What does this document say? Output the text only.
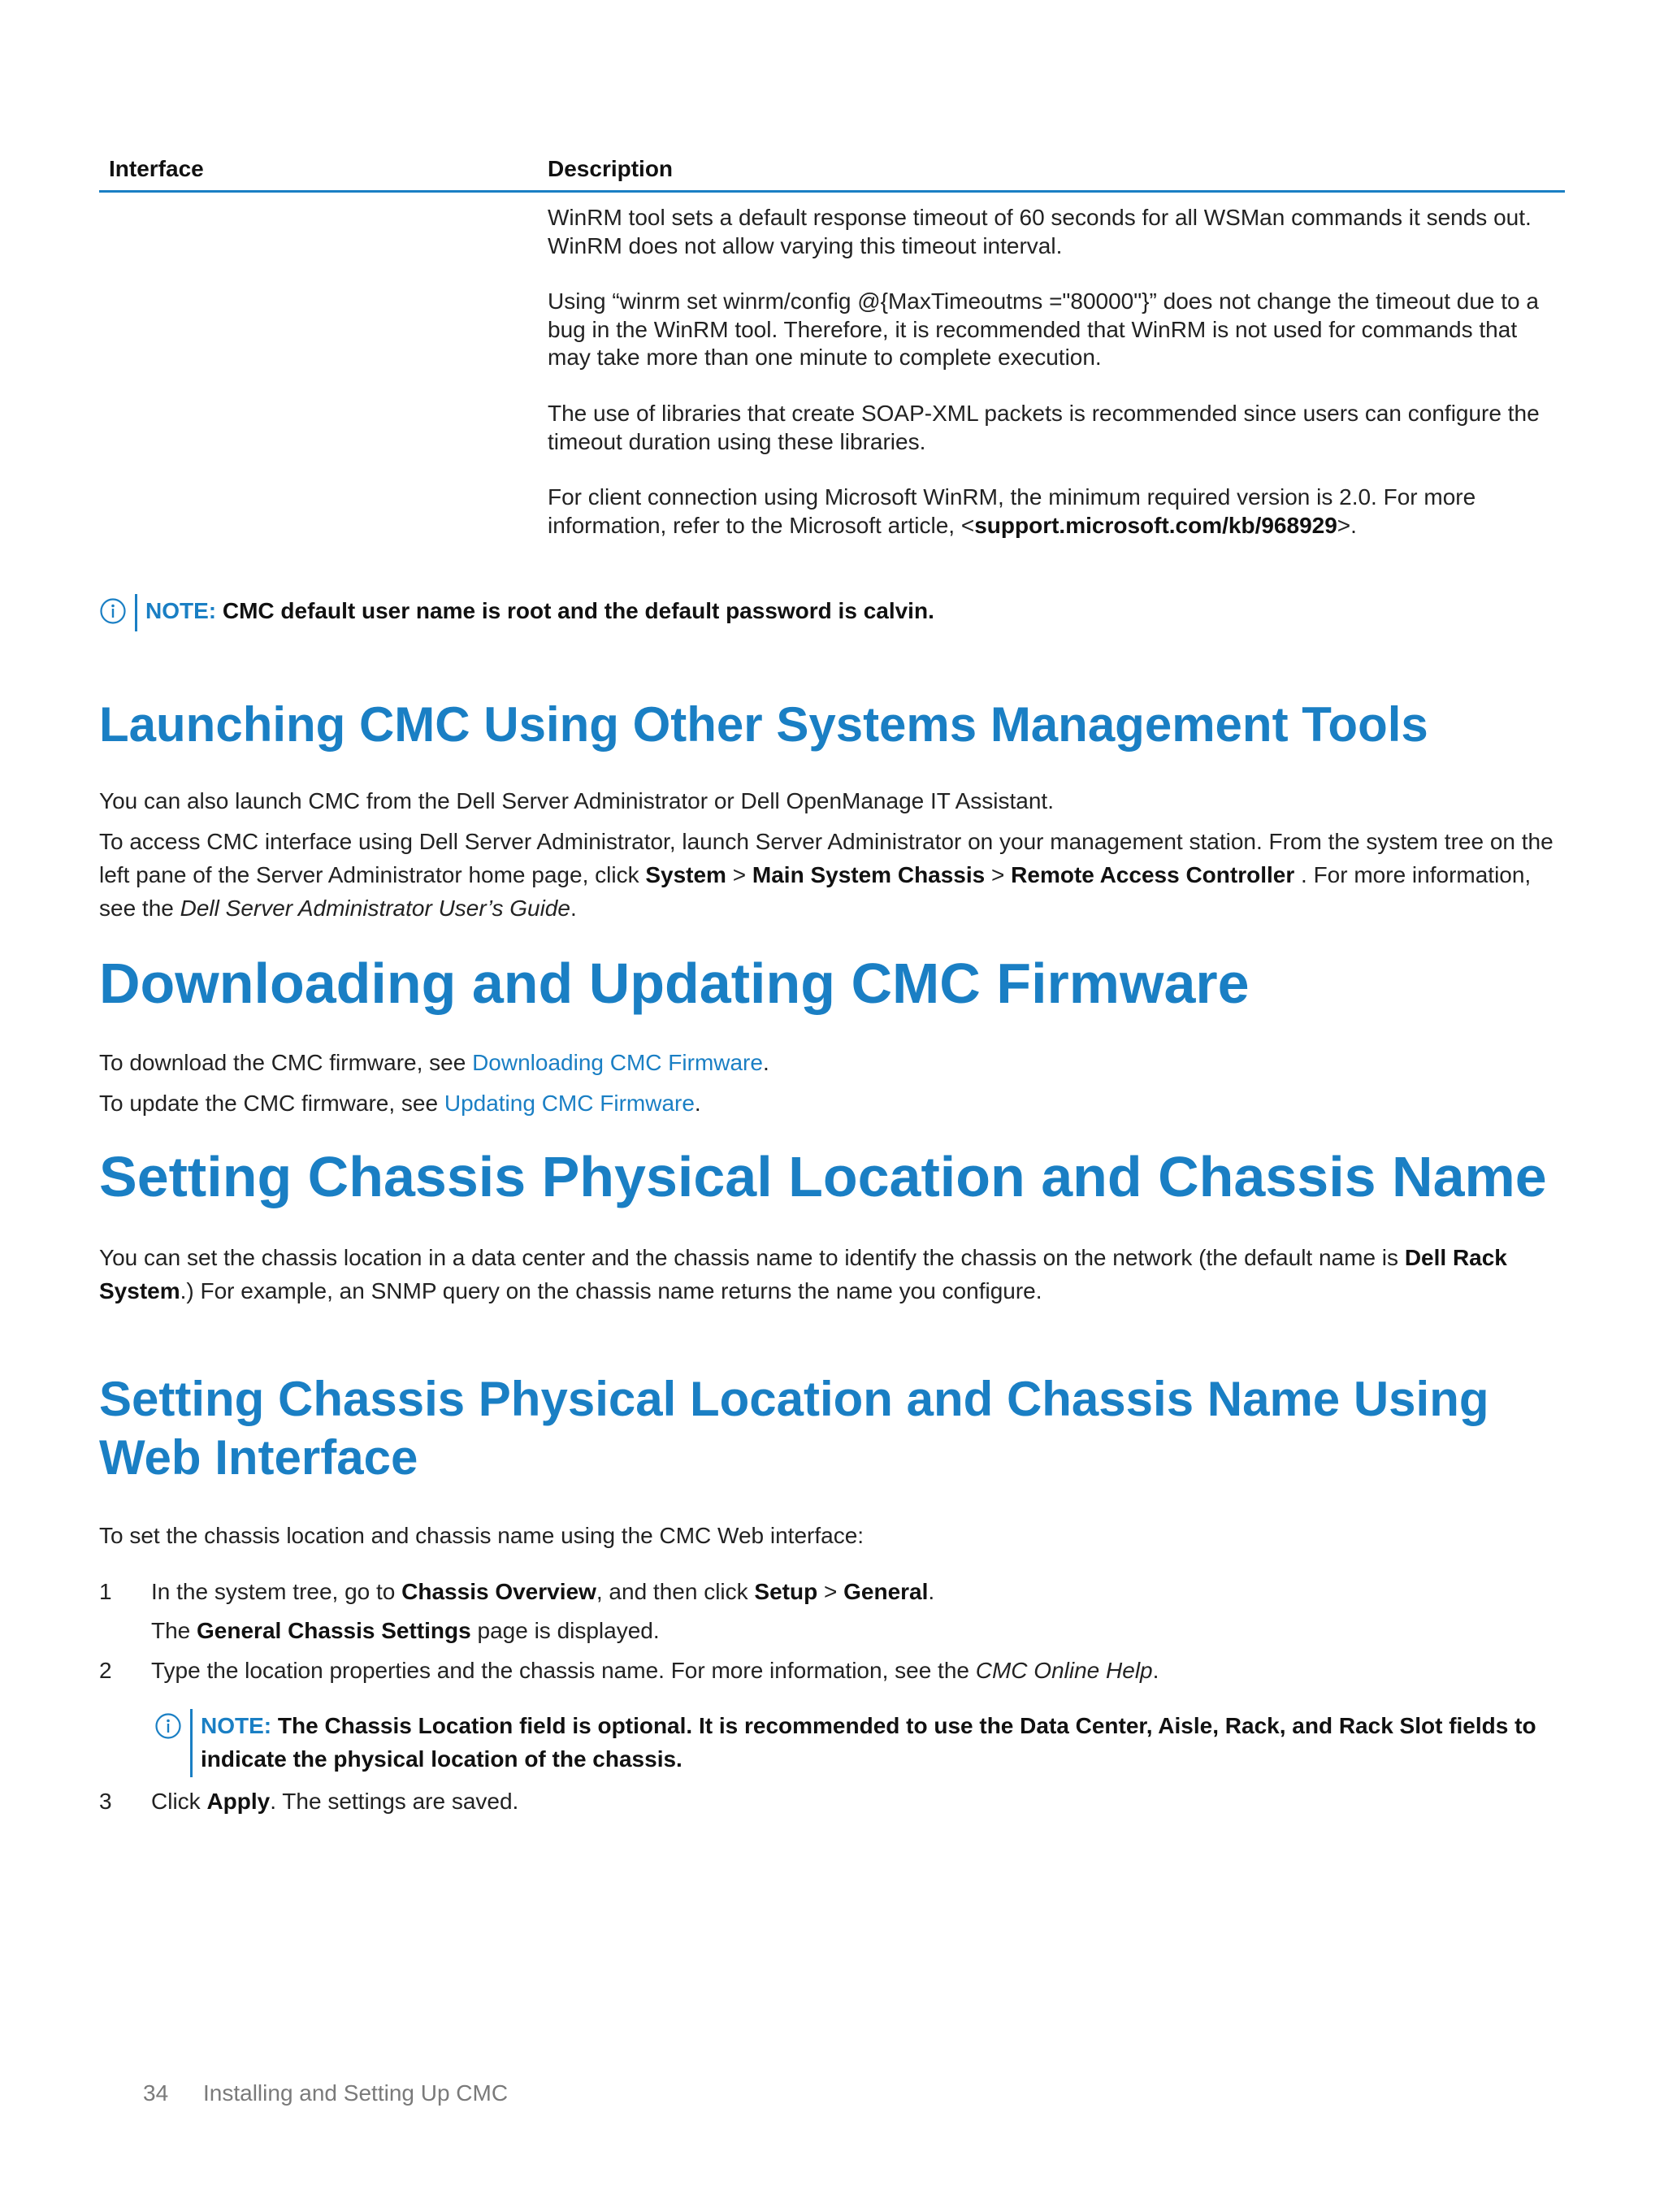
Interface	Description
WinRM tool sets a default response timeout of 60 seconds for all WSMan commands it sends out. WinRM does not allow varying this timeout interval.
Using “winrm set winrm/config @{MaxTimeoutms ="80000"}” does not change the timeout due to a bug in the WinRM tool. Therefore, it is recommended that WinRM is not used for commands that may take more than one minute to complete execution.
The use of libraries that create SOAP-XML packets is recommended since users can configure the timeout duration using these libraries.
For client connection using Microsoft WinRM, the minimum required version is 2.0. For more information, refer to the Microsoft article, <support.microsoft.com/kb/968929>.
NOTE: CMC default user name is root and the default password is calvin.
Launching CMC Using Other Systems Management Tools
You can also launch CMC from the Dell Server Administrator or Dell OpenManage IT Assistant.
To access CMC interface using Dell Server Administrator, launch Server Administrator on your management station. From the system tree on the left pane of the Server Administrator home page, click System > Main System Chassis > Remote Access Controller . For more information, see the Dell Server Administrator User’s Guide.
Downloading and Updating CMC Firmware
To download the CMC firmware, see Downloading CMC Firmware.
To update the CMC firmware, see Updating CMC Firmware.
Setting Chassis Physical Location and Chassis Name
You can set the chassis location in a data center and the chassis name to identify the chassis on the network (the default name is Dell Rack System.) For example, an SNMP query on the chassis name returns the name you configure.
Setting Chassis Physical Location and Chassis Name Using Web Interface
To set the chassis location and chassis name using the CMC Web interface:
1 In the system tree, go to Chassis Overview, and then click Setup > General.
The General Chassis Settings page is displayed.
2 Type the location properties and the chassis name. For more information, see the CMC Online Help.
NOTE: The Chassis Location field is optional. It is recommended to use the Data Center, Aisle, Rack, and Rack Slot fields to indicate the physical location of the chassis.
3 Click Apply. The settings are saved.
34 Installing and Setting Up CMC
